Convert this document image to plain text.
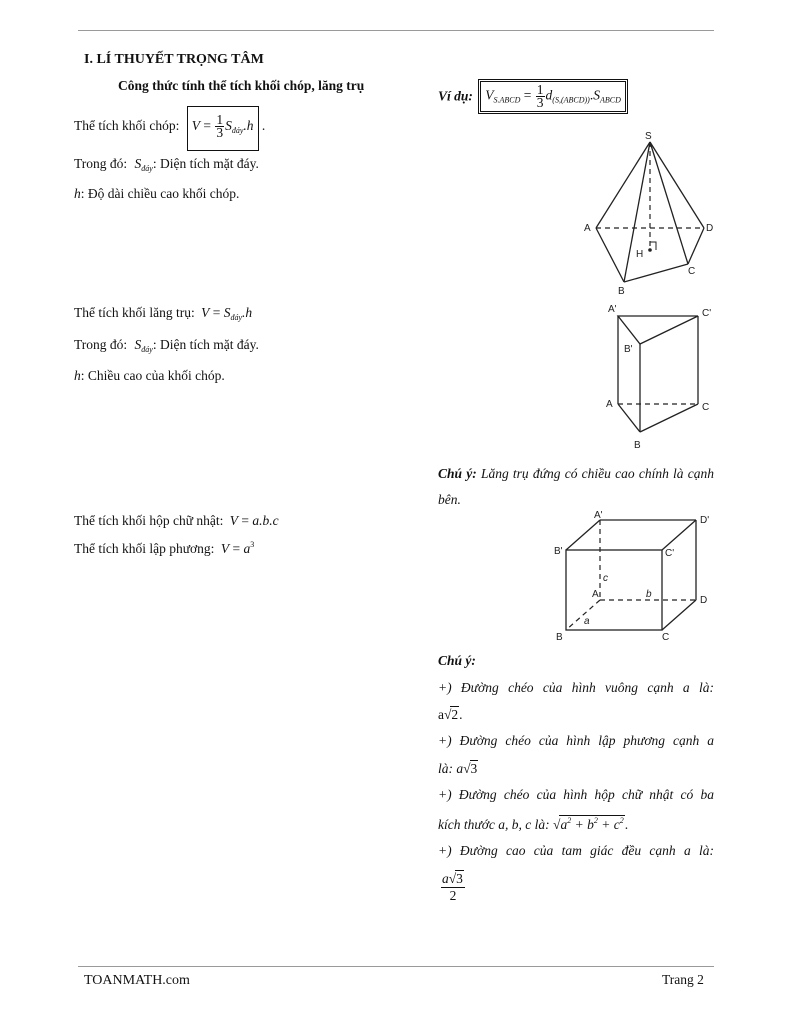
I. LÍ THUYẾT TRỌNG TÂM
Công thức tính thể tích khối chóp, lăng trụ
Thể tích khối chóp: $V = \frac{1}{3} S_{đáy}.h$ .
Trong đó: $S_{đáy}$: Diện tích mặt đáy.
h: Độ dài chiều cao khối chóp.
Thể tích khối lăng trụ: $V = S_{đáy}.h$
Trong đó: $S_{đáy}$: Diện tích mặt đáy.
h: Chiều cao của khối chóp.
Thể tích khối hộp chữ nhật: V = a.b.c
Thể tích khối lập phương: $V = a^3$
Ví dụ: $V_{S.ABCD} = \frac{1}{3} d_{(S,(ABCD))}.S_{ABCD}$
S
A
B
C
D
H
A'	C'
B'
A	C
B
Chú ý: Lăng trụ đứng có chiều cao chính là cạnh bên.
A'	D'
B'	C'
A
D
B	C
c
b
a
Chú ý:
+) Đường chéo của hình vuông cạnh a là:
a√2.
+) Đường chéo của hình lập phương cạnh a
là: a√3
+) Đường chéo của hình hộp chữ nhật có ba
kích thước a, b, c là: $√a^2 + b^2 + c^2$.
+) Đường cao của tam giác đều cạnh a là:
$\frac{a√3}{2}$
TOANMATH.com	Trang 2
